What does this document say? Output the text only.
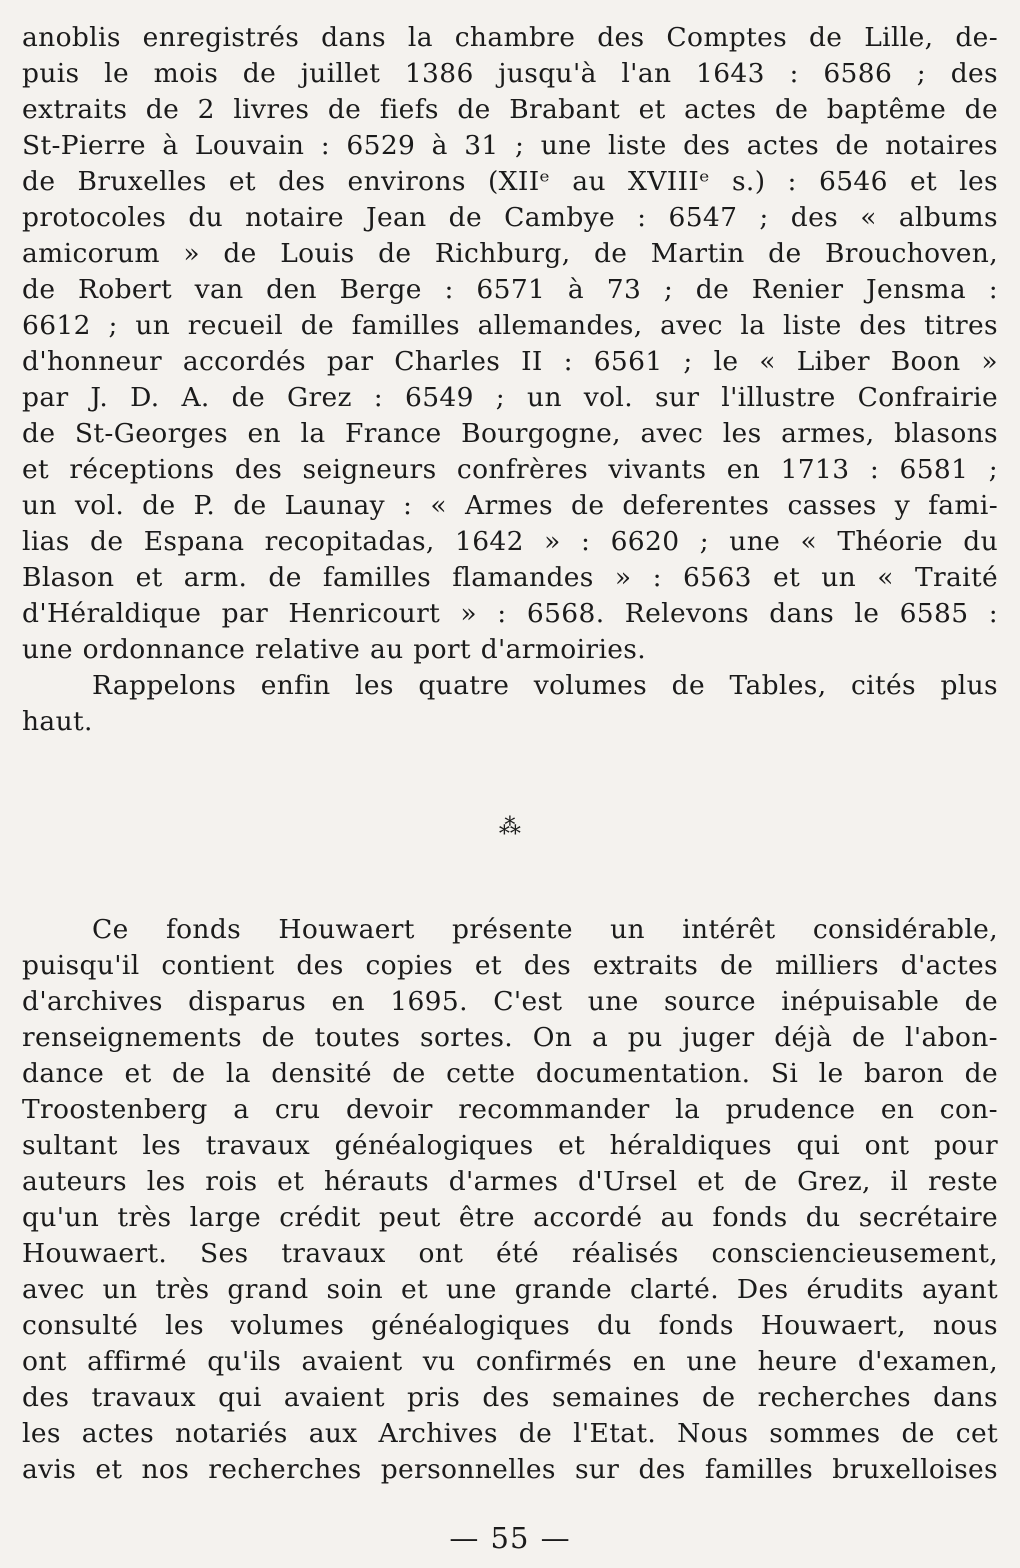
anoblis enregistrés dans la chambre des Comptes de Lille, de-
puis le mois de juillet 1386 jusqu'à l'an 1643 : 6586 ; des
extraits de 2 livres de fiefs de Brabant et actes de baptême de
St-Pierre à Louvain : 6529 à 31 ; une liste des actes de notaires
de Bruxelles et des environs (XIIᵉ au XVIIIᵉ s.) : 6546 et les
protocoles du notaire Jean de Cambye : 6547 ; des « albums
amicorum » de Louis de Richburg, de Martin de Brouchoven,
de Robert van den Berge : 6571 à 73 ; de Renier Jensma :
6612 ; un recueil de familles allemandes, avec la liste des titres
d'honneur accordés par Charles II : 6561 ; le « Liber Boon »
par J. D. A. de Grez : 6549 ; un vol. sur l'illustre Confrairie
de St-Georges en la France Bourgogne, avec les armes, blasons
et réceptions des seigneurs confrères vivants en 1713 : 6581 ;
un vol. de P. de Launay : « Armes de deferentes casses y fami-
lias de Espana recopitadas, 1642 » : 6620 ; une « Théorie du
Blason et arm. de familles flamandes » : 6563 et un « Traité
d'Héraldique par Henricourt » : 6568. Relevons dans le 6585 :
une ordonnance relative au port d'armoiries.
Rappelons enfin les quatre volumes de Tables, cités plus
haut.
⁂
Ce fonds Houwaert présente un intérêt considérable,
puisqu'il contient des copies et des extraits de milliers d'actes
d'archives disparus en 1695. C'est une source inépuisable de
renseignements de toutes sortes. On a pu juger déjà de l'abon-
dance et de la densité de cette documentation. Si le baron de
Troostenberg a cru devoir recommander la prudence en con-
sultant les travaux généalogiques et héraldiques qui ont pour
auteurs les rois et hérauts d'armes d'Ursel et de Grez, il reste
qu'un très large crédit peut être accordé au fonds du secrétaire
Houwaert. Ses travaux ont été réalisés consciencieusement,
avec un très grand soin et une grande clarté. Des érudits ayant
consulté les volumes généalogiques du fonds Houwaert, nous
ont affirmé qu'ils avaient vu confirmés en une heure d'examen,
des travaux qui avaient pris des semaines de recherches dans
les actes notariés aux Archives de l'Etat. Nous sommes de cet
avis et nos recherches personnelles sur des familles bruxelloises
— 55 —
